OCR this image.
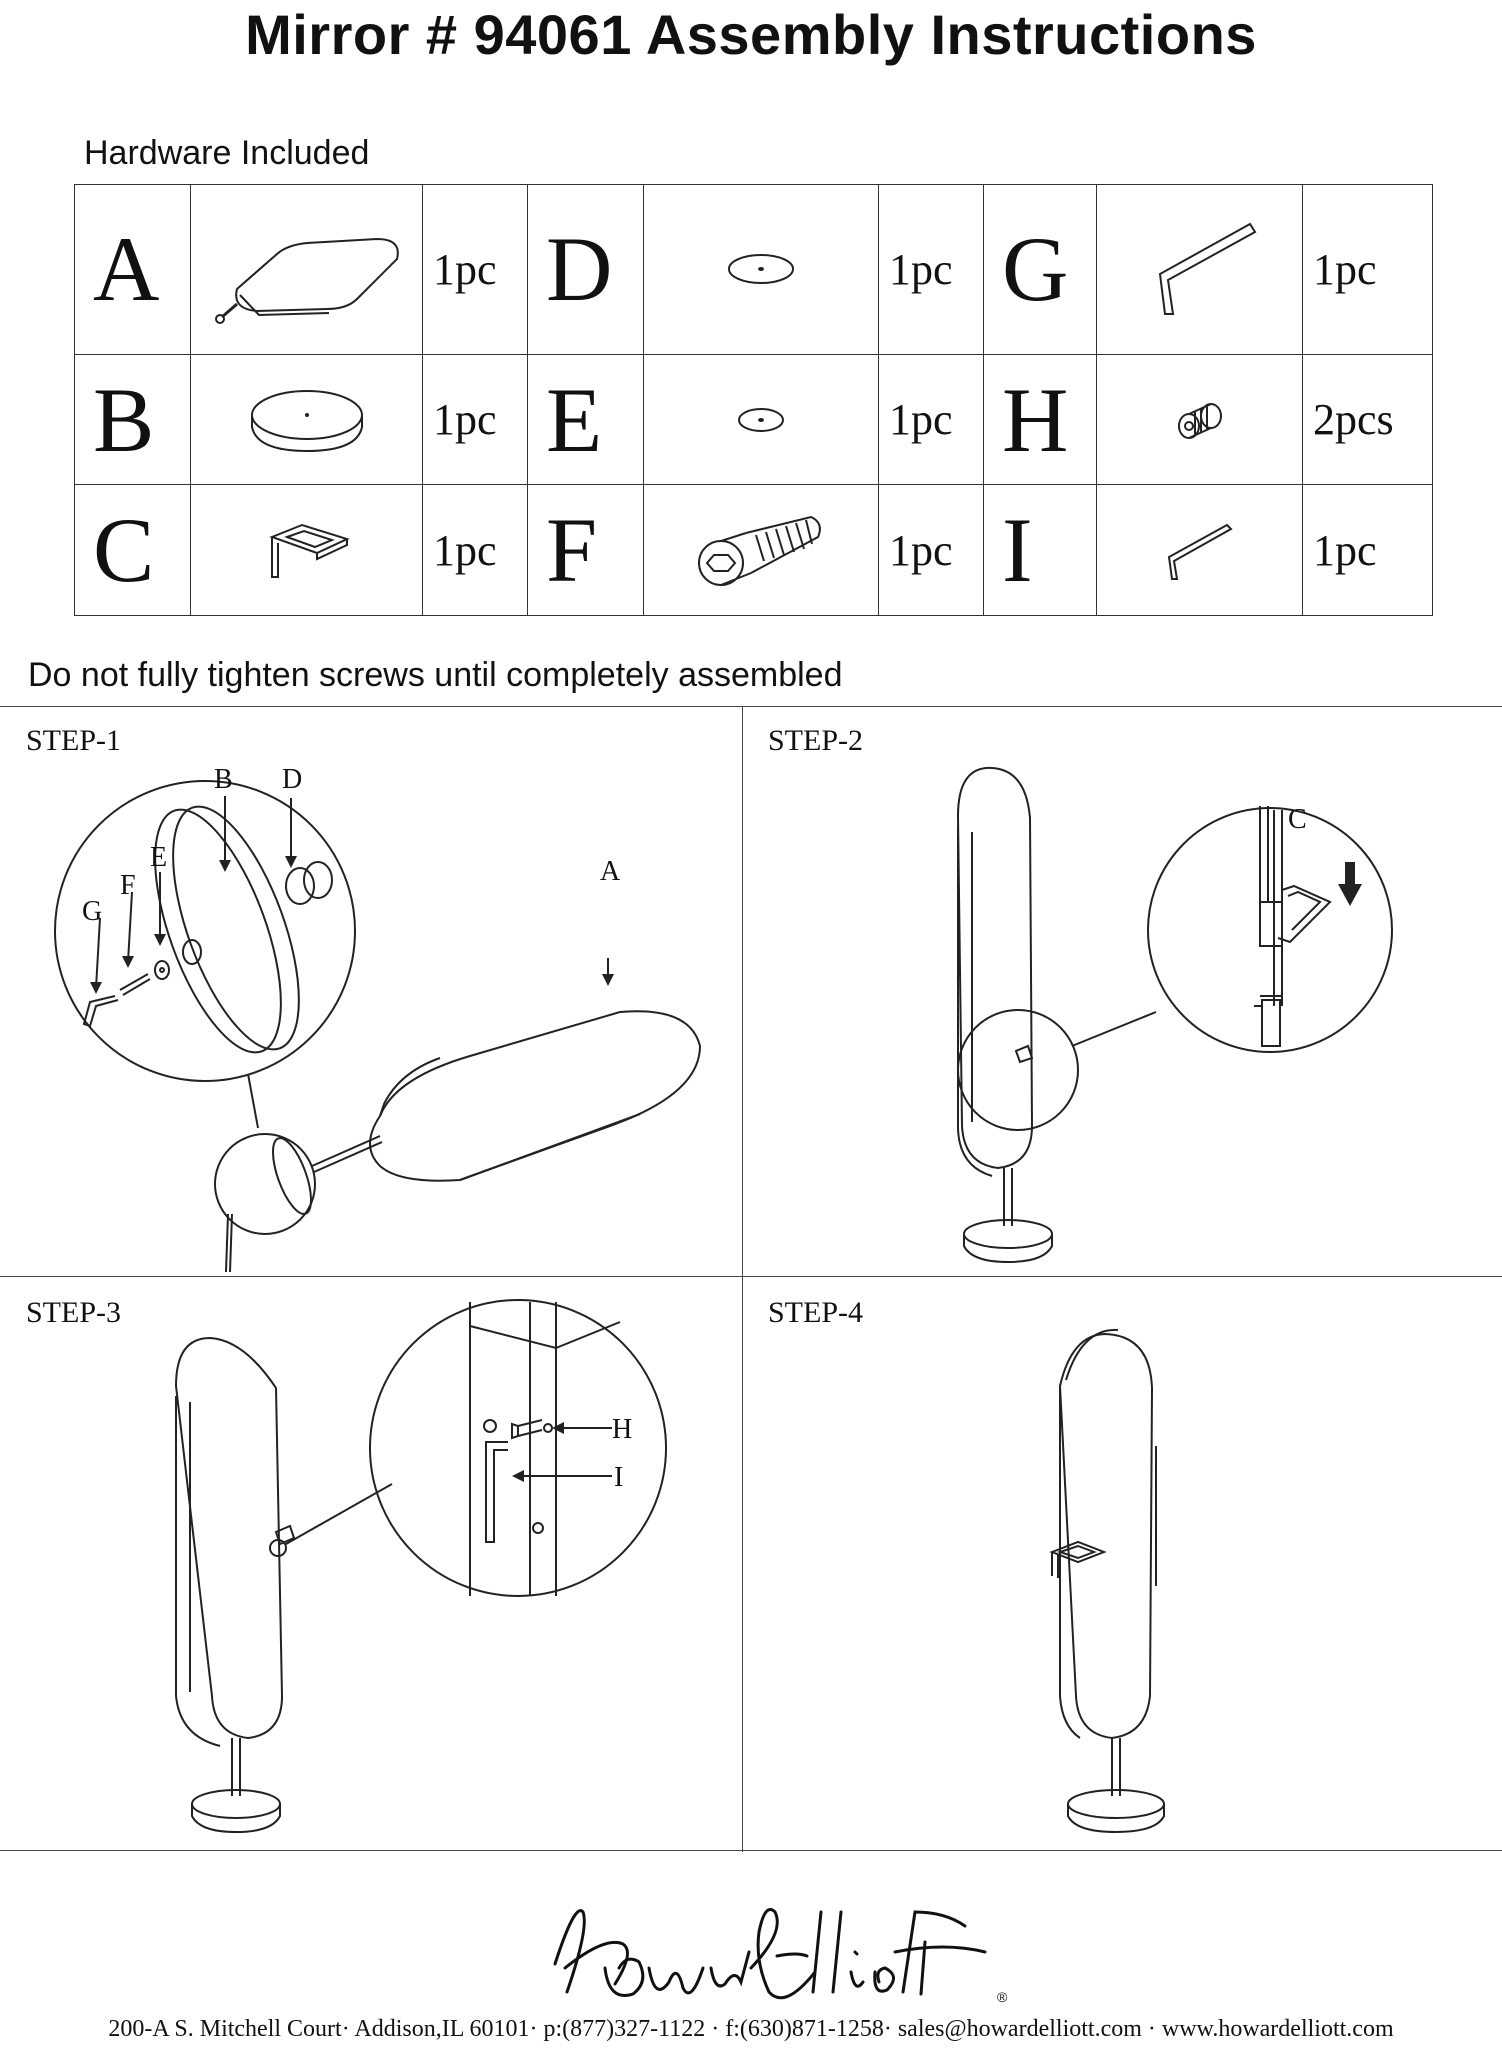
Mirror # 94061 Assembly Instructions
Hardware Included
A		1pc	D		1pc	G		1pc
B		1pc	E		1pc	H		2pcs
C		1pc	F		1pc	I		1pc
Do not fully tighten screws until completely assembled
STEP-1
B D
E
F
G
A
STEP-2
C
STEP-3
H
I
STEP-4
®
200-A S. Mitchell Court· Addison,IL 60101· p:(877)327-1122 · f:(630)871-1258· sales@howardelliott.com · www.howardelliott.com
